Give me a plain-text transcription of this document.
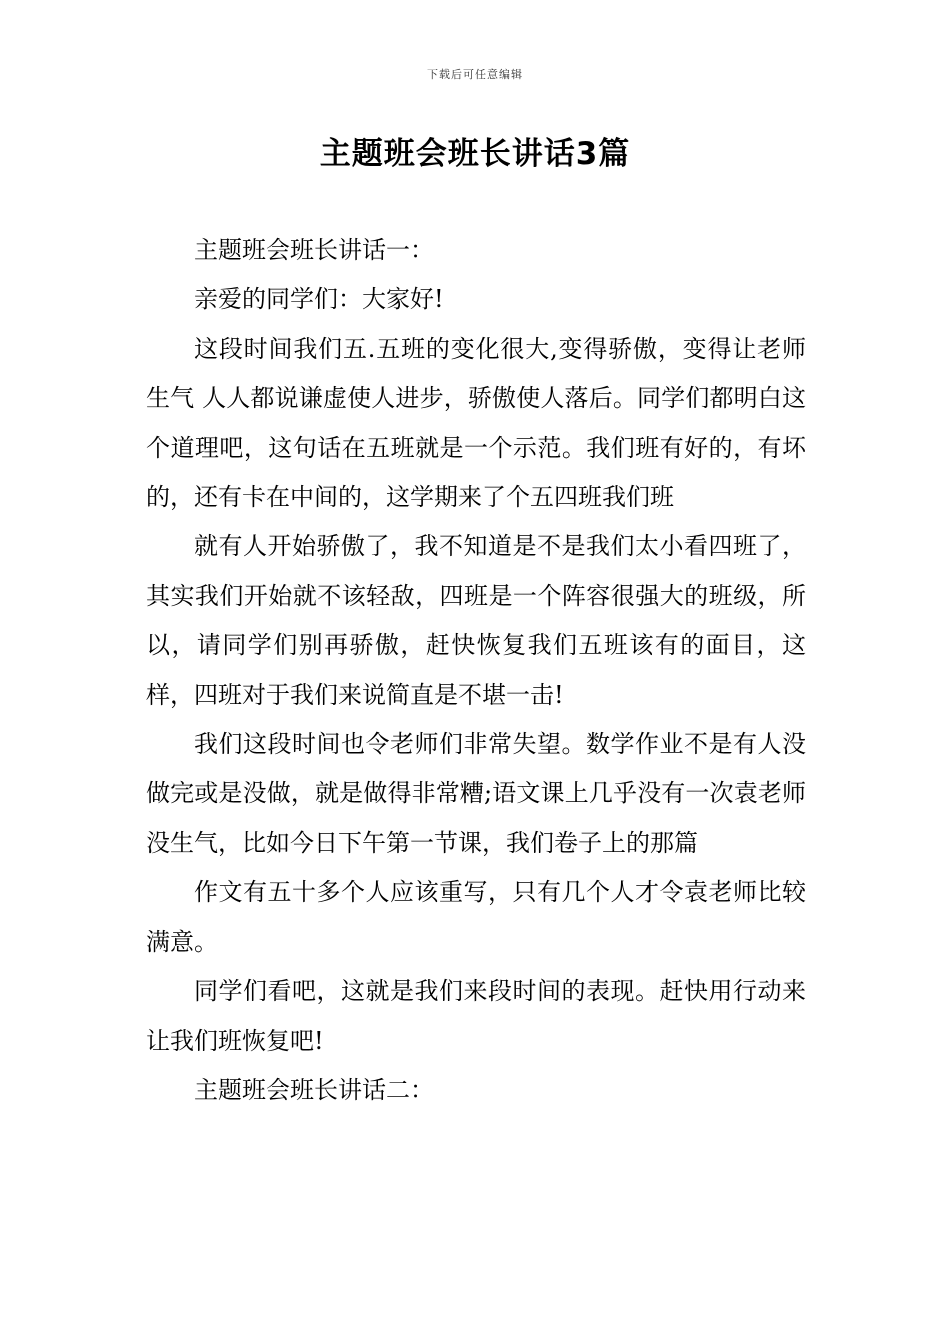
下载后可任意编辑
主题班会班长讲话3篇

主题班会班长讲话一：

亲爱的同学们：大家好!

这段时间我们五.五班的变化很大,变得骄傲，变得让老师生气 人人都说谦虚使人进步，骄傲使人落后。同学们都明白这个道理吧，这句话在五班就是一个示范。我们班有好的，有坏的，还有卡在中间的，这学期来了个五四班我们班

就有人开始骄傲了，我不知道是不是我们太小看四班了，其实我们开始就不该轻敌，四班是一个阵容很强大的班级，所以，请同学们别再骄傲，赶快恢复我们五班该有的面目，这样，四班对于我们来说简直是不堪一击!

我们这段时间也令老师们非常失望。数学作业不是有人没做完或是没做，就是做得非常糟;语文课上几乎没有一次袁老师没生气，比如今日下午第一节课，我们卷子上的那篇

作文有五十多个人应该重写，只有几个人才令袁老师比较满意。

同学们看吧，这就是我们来段时间的表现。赶快用行动来让我们班恢复吧!

主题班会班长讲话二：
